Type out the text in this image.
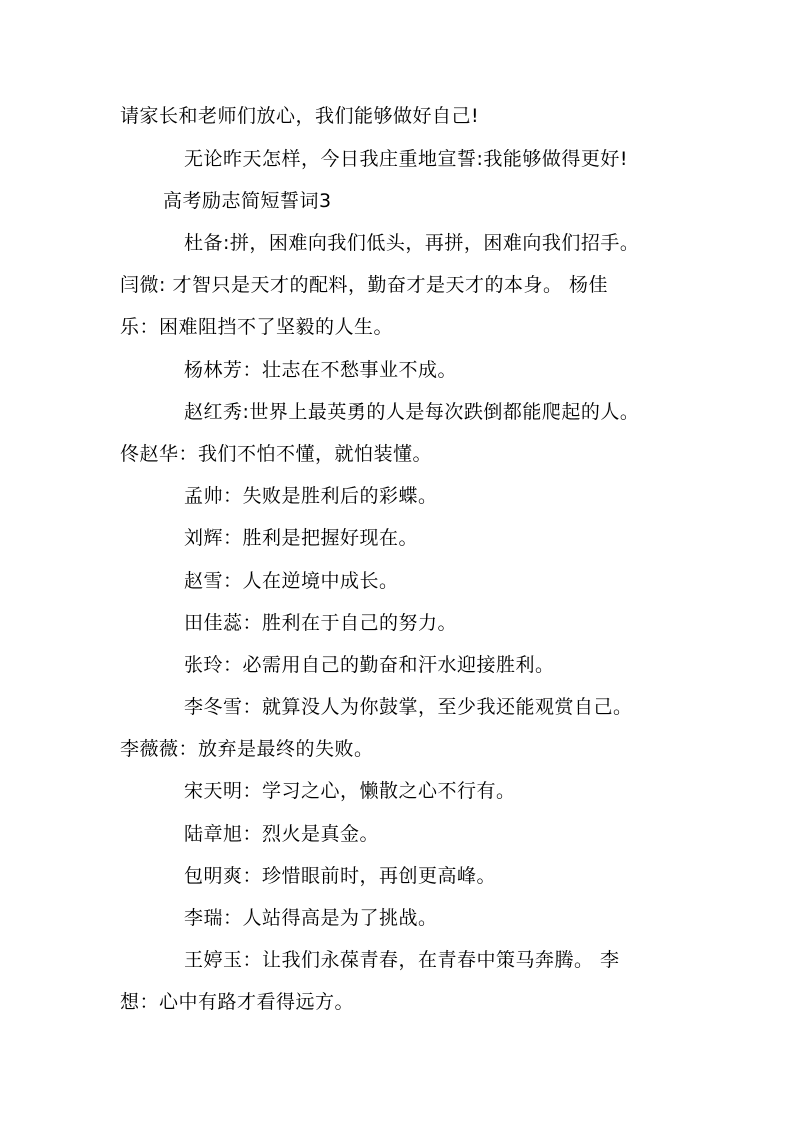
请家长和老师们放心，我们能够做好自己!
无论昨天怎样，今日我庄重地宣誓:我能够做得更好!
高考励志简短誓词3
杜备:拼，困难向我们低头，再拼，困难向我们招手。
闫微: 才智只是天才的配料，勤奋才是天才的本身。 杨佳
乐：困难阻挡不了坚毅的人生。
杨林芳：壮志在不愁事业不成。
赵红秀:世界上最英勇的人是每次跌倒都能爬起的人。
佟赵华：我们不怕不懂，就怕装懂。
孟帅：失败是胜利后的彩蝶。
刘辉：胜利是把握好现在。
赵雪：人在逆境中成长。
田佳蕊：胜利在于自己的努力。
张玲：必需用自己的勤奋和汗水迎接胜利。
李冬雪：就算没人为你鼓掌，至少我还能观赏自己。
李薇薇：放弃是最终的失败。
宋天明：学习之心，懒散之心不行有。
陆章旭：烈火是真金。
包明爽：珍惜眼前时，再创更高峰。
李瑞：人站得高是为了挑战。
王婷玉：让我们永葆青春，在青春中策马奔腾。 李
想：心中有路才看得远方。
